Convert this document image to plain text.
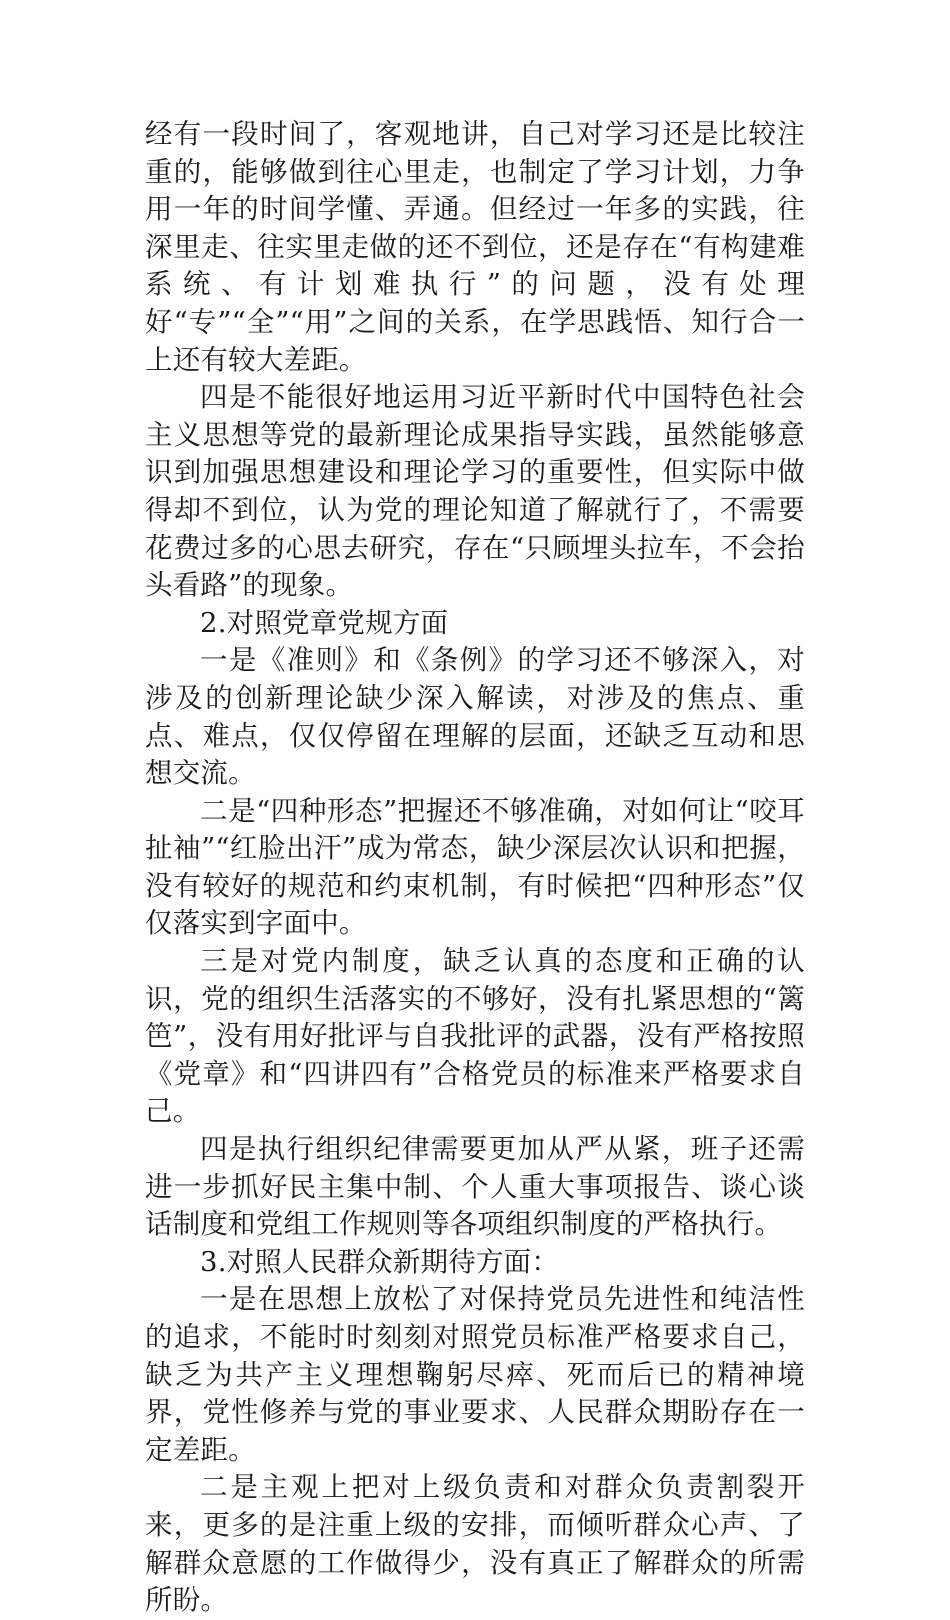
经有一段时间了，客观地讲，自己对学习还是比较注重的，能够做到往心里走，也制定了学习计划，力争用一年的时间学懂、弄通。但经过一年多的实践，往深里走、往实里走做的还不到位，还是存在“有构建难系统、有计划难执行”的问题，没有处理好“专”“全”“用”之间的关系，在学思践悟、知行合一上还有较大差距。

四是不能很好地运用习近平新时代中国特色社会主义思想等党的最新理论成果指导实践，虽然能够意识到加强思想建设和理论学习的重要性，但实际中做得却不到位，认为党的理论知道了解就行了，不需要花费过多的心思去研究，存在“只顾埋头拉车，不会抬头看路”的现象。

2.对照党章党规方面

一是《准则》和《条例》的学习还不够深入，对涉及的创新理论缺少深入解读，对涉及的焦点、重点、难点，仅仅停留在理解的层面，还缺乏互动和思想交流。

二是“四种形态”把握还不够准确，对如何让“咬耳扯袖”“红脸出汗”成为常态，缺少深层次认识和把握，没有较好的规范和约束机制，有时候把“四种形态”仅仅落实到字面中。

三是对党内制度，缺乏认真的态度和正确的认识，党的组织生活落实的不够好，没有扎紧思想的“篱笆”，没有用好批评与自我批评的武器，没有严格按照《党章》和“四讲四有”合格党员的标准来严格要求自己。

四是执行组织纪律需要更加从严从紧，班子还需进一步抓好民主集中制、个人重大事项报告、谈心谈话制度和党组工作规则等各项组织制度的严格执行。

3.对照人民群众新期待方面：

一是在思想上放松了对保持党员先进性和纯洁性的追求，不能时时刻刻对照党员标准严格要求自己，缺乏为共产主义理想鞠躬尽瘁、死而后已的精神境界，党性修养与党的事业要求、人民群众期盼存在一定差距。

二是主观上把对上级负责和对群众负责割裂开来，更多的是注重上级的安排，而倾听群众心声、了解群众意愿的工作做得少，没有真正了解群众的所需所盼。
